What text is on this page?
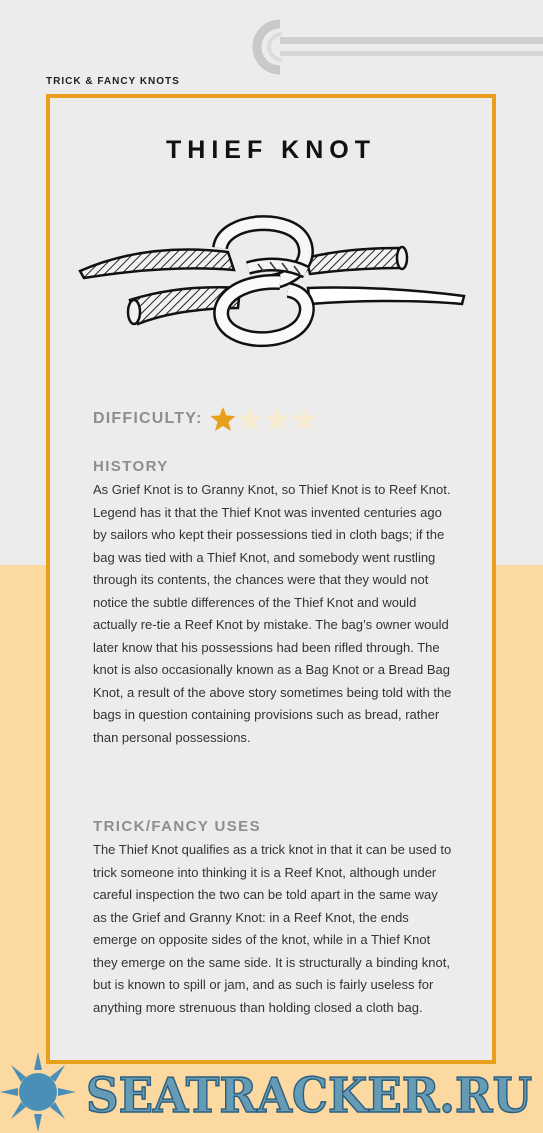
TRICK & FANCY KNOTS
THIEF KNOT
DIFFICULTY:
HISTORY
As Grief Knot is to Granny Knot, so Thief Knot is to Reef Knot. Legend has it that the Thief Knot was invented centuries ago by sailors who kept their possessions tied in cloth bags; if the bag was tied with a Thief Knot, and somebody went rustling through its contents, the chances were that they would not notice the subtle differences of the Thief Knot and would actually re-tie a Reef Knot by mistake. The bag’s owner would later know that his possessions had been rifled through. The knot is also occasionally known as a Bag Knot or a Bread Bag Knot, a result of the above story sometimes being told with the bags in question containing provisions such as bread, rather than personal possessions.
TRICK/FANCY USES
The Thief Knot qualifies as a trick knot in that it can be used to trick someone into thinking it is a Reef Knot, although under careful inspection the two can be told apart in the same way as the Grief and Granny Knot: in a Reef Knot, the ends emerge on opposite sides of the knot, while in a Thief Knot they emerge on the same side. It is structurally a binding knot, but is known to spill or jam, and as such is fairly useless for anything more strenuous than holding closed a cloth bag.
SEATRACKER.RU
